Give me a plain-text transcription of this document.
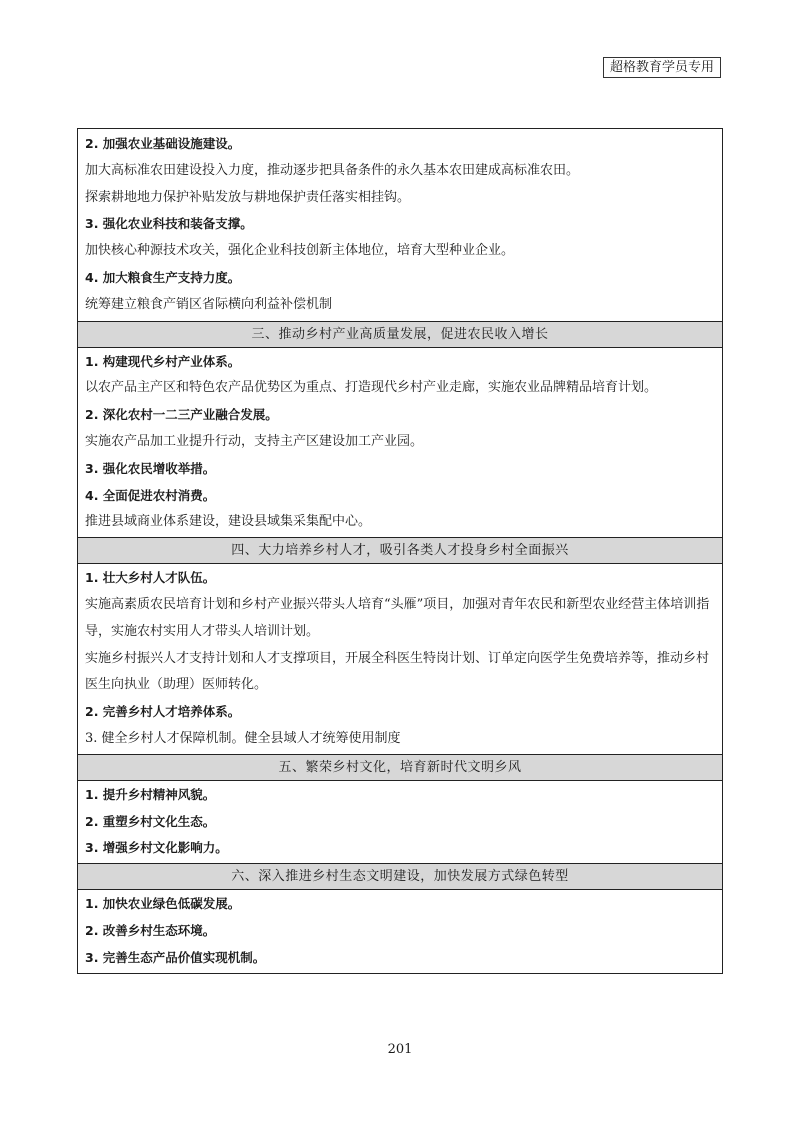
超格教育学员专用
2. 加强农业基础设施建设。
加大高标准农田建设投入力度，推动逐步把具备条件的永久基本农田建成高标准农田。
探索耕地地力保护补贴发放与耕地保护责任落实相挂钩。
3. 强化农业科技和装备支撑。
加快核心种源技术攻关，强化企业科技创新主体地位，培育大型种业企业。
4. 加大粮食生产支持力度。
统筹建立粮食产销区省际横向利益补偿机制

三、推动乡村产业高质量发展，促进农民收入增长

1. 构建现代乡村产业体系。
以农产品主产区和特色农产品优势区为重点、打造现代乡村产业走廊，实施农业品牌精品培育计划。
2. 深化农村一二三产业融合发展。
实施农产品加工业提升行动，支持主产区建设加工产业园。
3. 强化农民增收举措。
4. 全面促进农村消费。
推进县域商业体系建设，建设县域集采集配中心。

四、大力培养乡村人才，吸引各类人才投身乡村全面振兴

1. 壮大乡村人才队伍。
实施高素质农民培育计划和乡村产业振兴带头人培育“头雁”项目，加强对青年农民和新型农业经营主体培训指导，实施农村实用人才带头人培训计划。
实施乡村振兴人才支持计划和人才支撑项目，开展全科医生特岗计划、订单定向医学生免费培养等，推动乡村医生向执业（助理）医师转化。
2. 完善乡村人才培养体系。
3. 健全乡村人才保障机制。健全县域人才统筹使用制度

五、繁荣乡村文化，培育新时代文明乡风

1. 提升乡村精神风貌。
2. 重塑乡村文化生态。
3. 增强乡村文化影响力。

六、深入推进乡村生态文明建设，加快发展方式绿色转型

1. 加快农业绿色低碳发展。
2. 改善乡村生态环境。
3. 完善生态产品价值实现机制。
201
